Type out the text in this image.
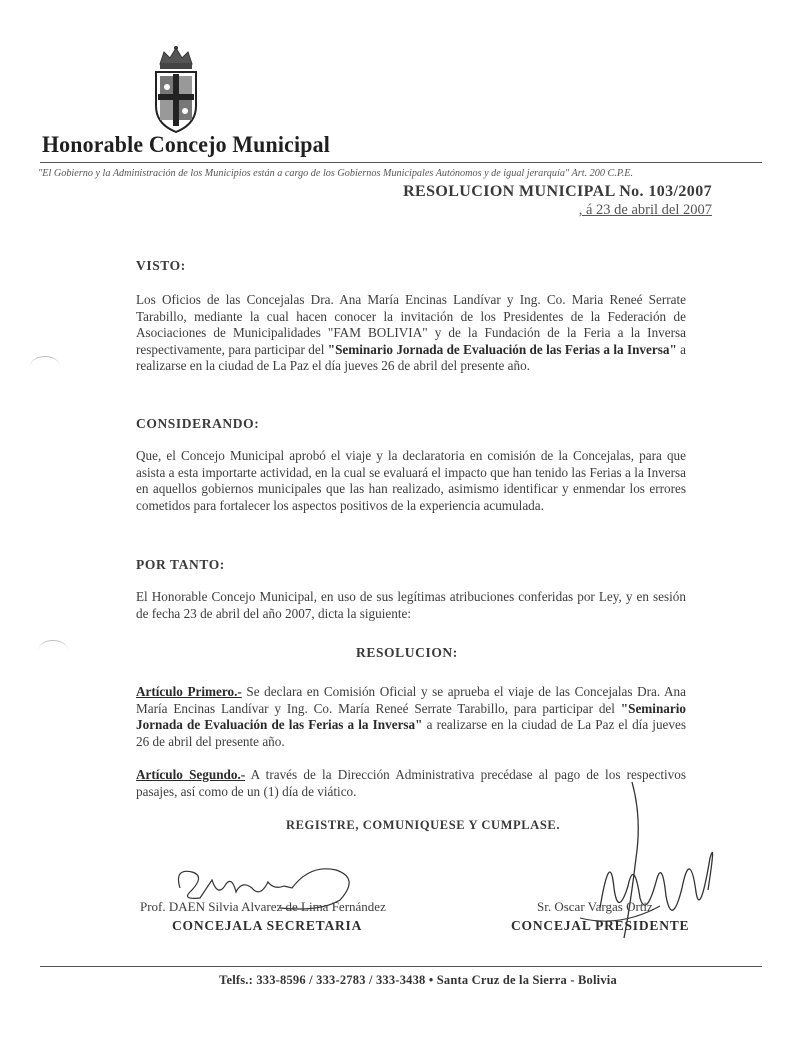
Honorable Concejo Municipal
"El Gobierno y la Administración de los Municipios están a cargo de los Gobiernos Municipales Autónomos y de igual jerarquía" Art. 200 C.P.E.
RESOLUCION MUNICIPAL No. 103/2007
, á 23 de abril del 2007
VISTO:
Los Oficios de las Concejalas Dra. Ana María Encinas Landívar y Ing. Co. Maria Reneé Serrate Tarabillo, mediante la cual hacen conocer la invitación de los Presidentes de la Federación de Asociaciones de Municipalidades "FAM BOLIVIA" y de la Fundación de la Feria a la Inversa respectivamente, para participar del "Seminario Jornada de Evaluación de las Ferias a la Inversa" a realizarse en la ciudad de La Paz el día jueves 26 de abril del presente año.
CONSIDERANDO:
Que, el Concejo Municipal aprobó el viaje y la declaratoria en comisión de la Concejalas, para que asista a esta importarte actividad, en la cual se evaluará el impacto que han tenido las Ferias a la Inversa en aquellos gobiernos municipales que las han realizado, asimismo identificar y enmendar los errores cometidos para fortalecer los aspectos positivos de la experiencia acumulada.
POR TANTO:
El Honorable Concejo Municipal, en uso de sus legítimas atribuciones conferidas por Ley, y en sesión de fecha 23 de abril del año 2007, dicta la siguiente:
RESOLUCION:
Artículo Primero.- Se declara en Comisión Oficial y se aprueba el viaje de las Concejalas Dra. Ana María Encinas Landívar y Ing. Co. María Reneé Serrate Tarabillo, para participar del "Seminario Jornada de Evaluación de las Ferias a la Inversa" a realizarse en la ciudad de La Paz el día jueves 26 de abril del presente año.
Artículo Segundo.- A través de la Dirección Administrativa precédase al pago de los respectivos pasajes, así como de un (1) día de viático.
REGISTRE, COMUNIQUESE Y CUMPLASE.
Prof. DAEN Silvia Alvarez de Lima Fernández
CONCEJALA SECRETARIA
Sr. Oscar Vargas Ortiz
CONCEJAL PRESIDENTE
Telfs.: 333-8596 / 333-2783 / 333-3438 • Santa Cruz de la Sierra - Bolivia
